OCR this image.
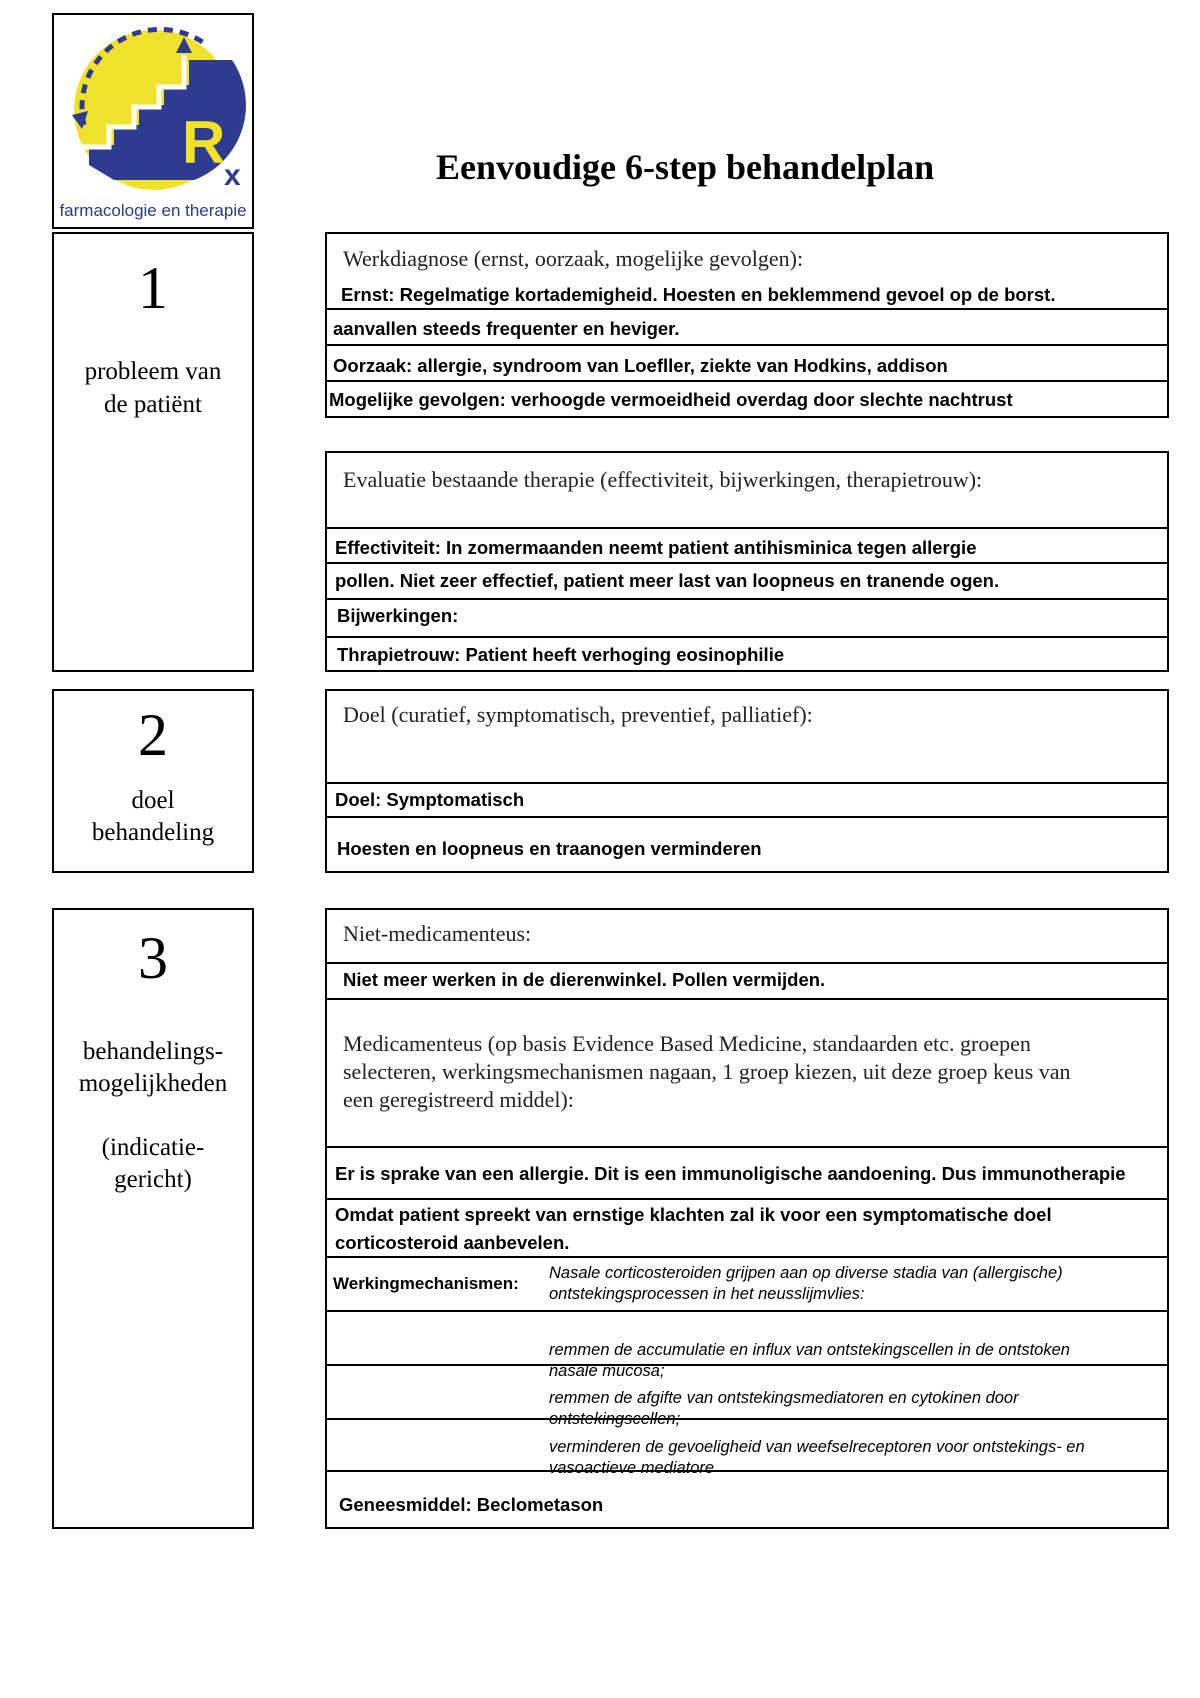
R
x
farmacologie en therapie
Eenvoudige 6-step behandelplan
1
probleem van
de patiënt
Werkdiagnose (ernst, oorzaak, mogelijke gevolgen):
Ernst: Regelmatige kortademigheid. Hoesten en beklemmend gevoel op de borst.
aanvallen steeds frequenter en heviger.
Oorzaak: allergie, syndroom van Loefller, ziekte van Hodkins, addison
Mogelijke gevolgen: verhoogde vermoeidheid overdag door slechte nachtrust
Evaluatie bestaande therapie (effectiviteit, bijwerkingen, therapietrouw):
Effectiviteit: In zomermaanden neemt patient antihisminica tegen allergie
pollen. Niet zeer effectief, patient meer last van loopneus en tranende ogen.
Bijwerkingen:
Thrapietrouw: Patient heeft verhoging eosinophilie
2
doel
behandeling
Doel (curatief, symptomatisch, preventief, palliatief):
Doel: Symptomatisch
Hoesten en loopneus en traanogen verminderen
3
behandelings-
mogelijkheden
(indicatie-
gericht)
Niet-medicamenteus:
Niet meer werken in de dierenwinkel. Pollen vermijden.
Medicamenteus (op basis Evidence Based Medicine, standaarden etc. groepen
selecteren, werkingsmechanismen nagaan, 1 groep kiezen, uit deze groep keus van
een geregistreerd middel):
Er is sprake van een allergie. Dit is een immunoligische aandoening. Dus immunotherapie
Omdat patient spreekt van ernstige klachten zal ik voor een symptomatische doel
corticosteroid aanbevelen.
Werkingmechanismen:
Nasale corticosteroiden grijpen aan op diverse stadia van (allergische)
ontstekingsprocessen in het neusslijmvlies:
remmen de accumulatie en influx van ontstekingscellen in de ontstoken
nasale mucosa;
remmen de afgifte van ontstekingsmediatoren en cytokinen door
ontstekingscellen;
verminderen de gevoeligheid van weefselreceptoren voor ontstekings- en
vasoactieve mediatore
Geneesmiddel: Beclometason
